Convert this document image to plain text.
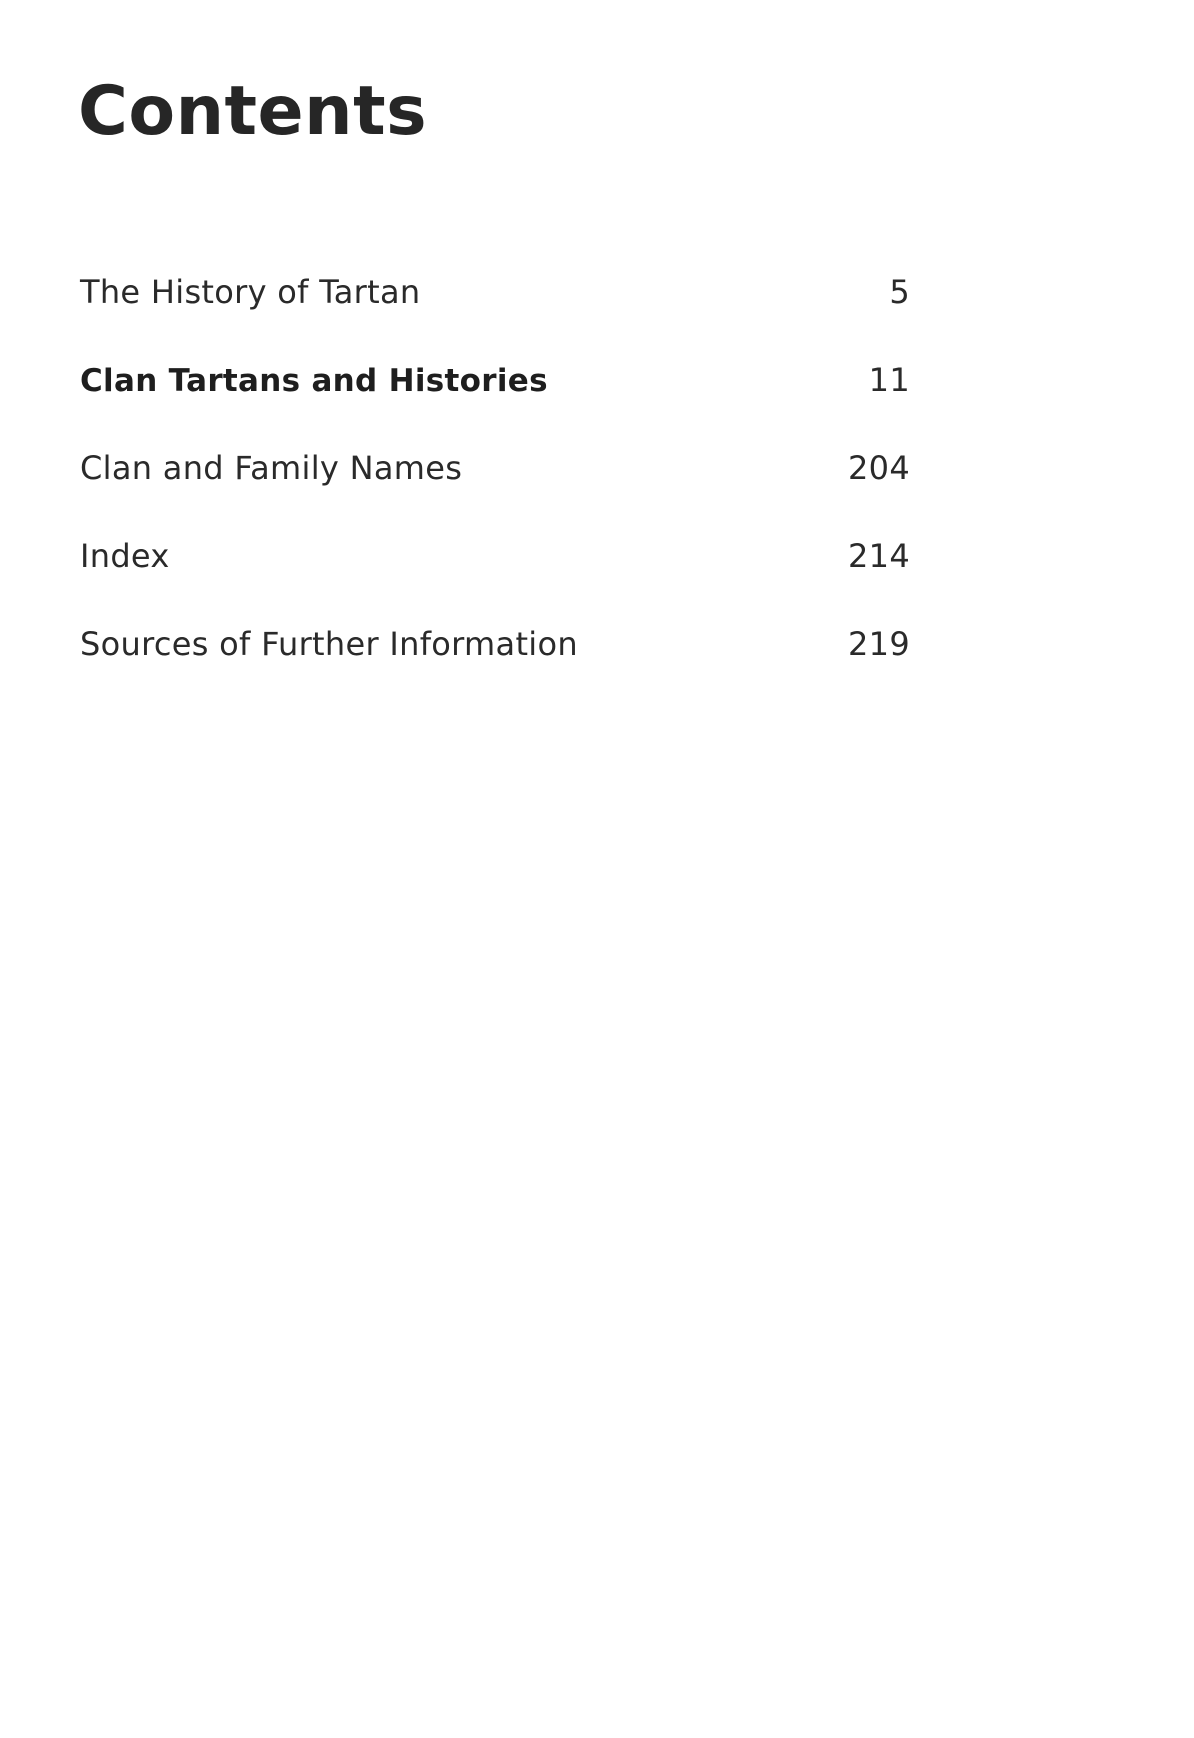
Contents
The History of Tartan	5
Clan Tartans and Histories	11
Clan and Family Names	204
Index	214
Sources of Further Information	219
